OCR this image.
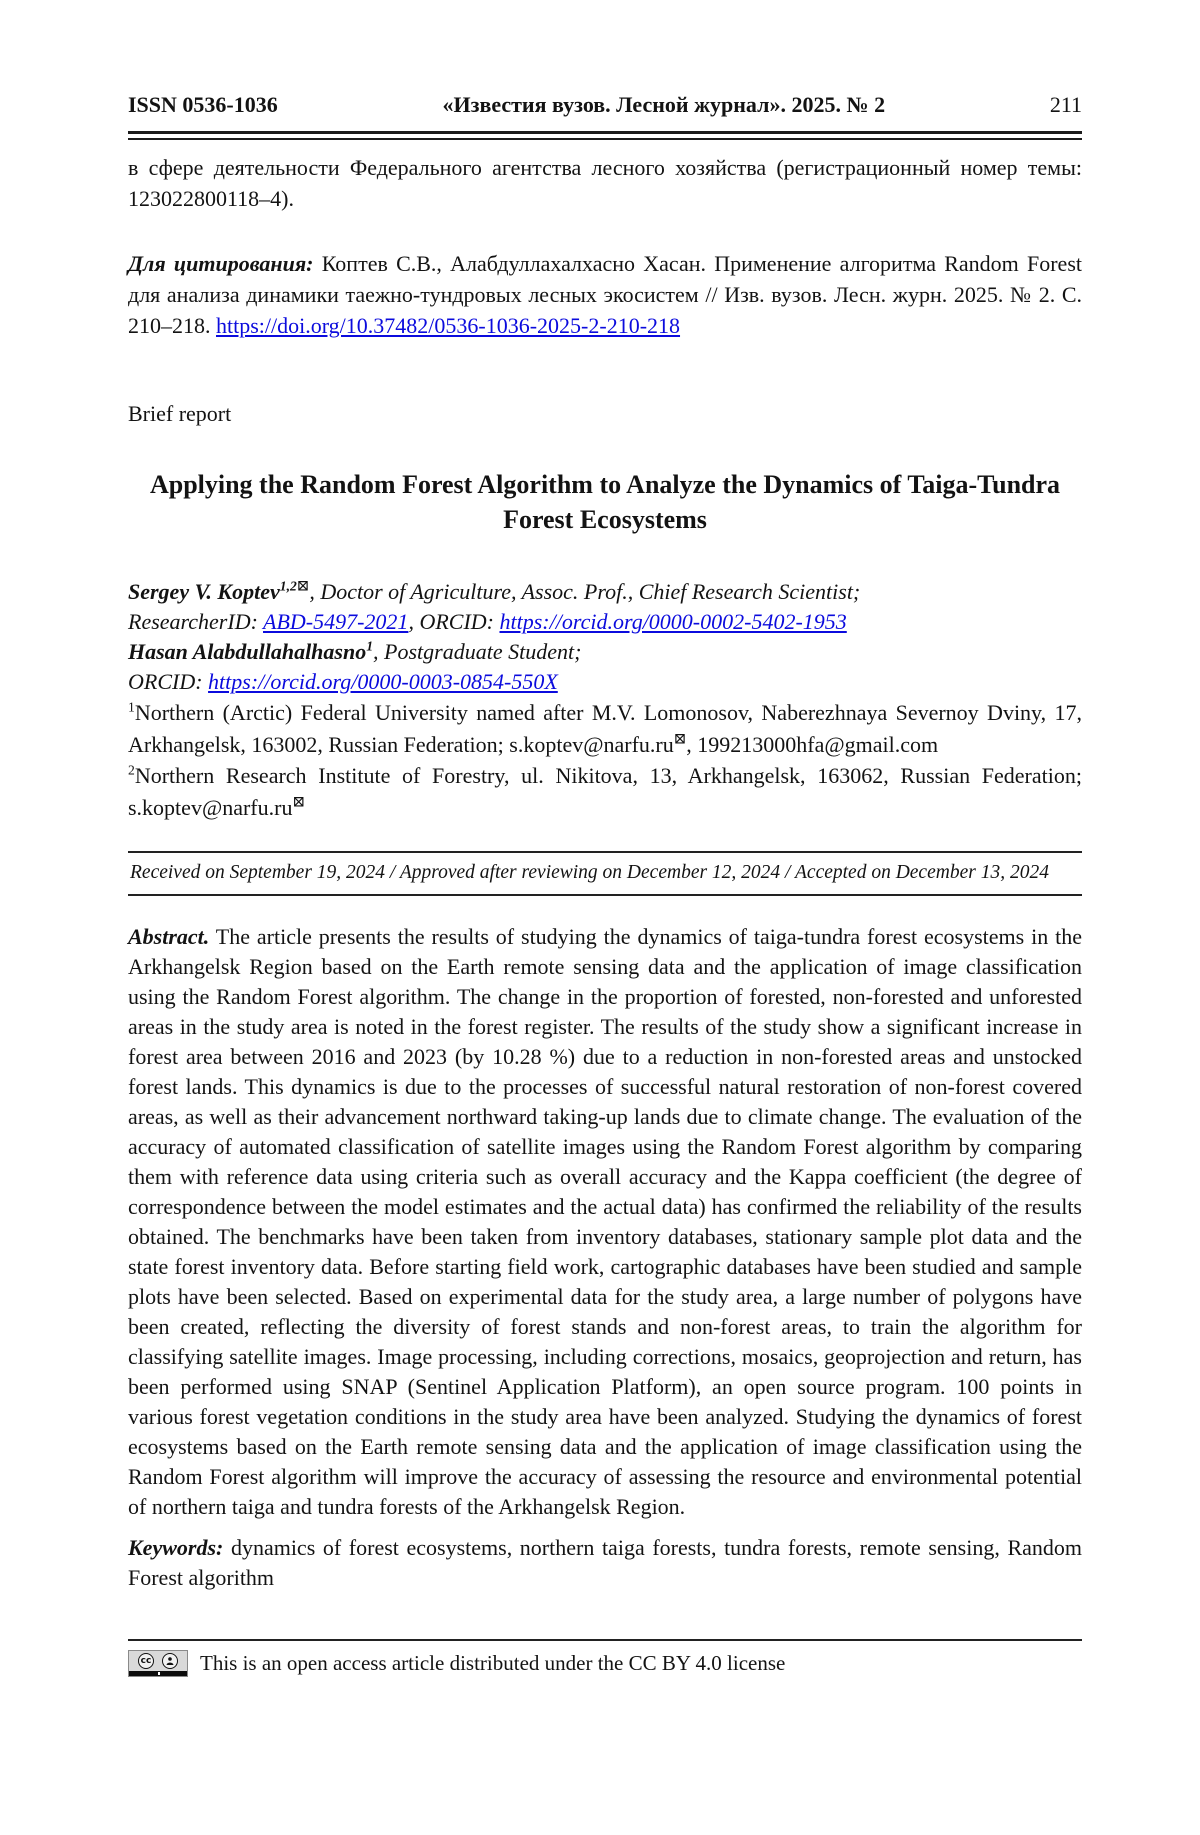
ISSN 0536-1036	«Известия вузов. Лесной журнал». 2025. № 2	211
в сфере деятельности Федерального агентства лесного хозяйства (регистрационный номер темы: 123022800118–4).
Для цитирования: Коптев С.В., Алабдуллахалхасно Хасан. Применение алгоритма Random Forest для анализа динамики таежно-тундровых лесных экосистем // Изв. вузов. Лесн. журн. 2025. № 2. С. 210–218. https://doi.org/10.37482/0536-1036-2025-2-210-218
Brief report
Applying the Random Forest Algorithm to Analyze the Dynamics of Taiga-Tundra Forest Ecosystems
Sergey V. Koptev$^{1,2⊠}$, Doctor of Agriculture, Assoc. Prof., Chief Research Scientist;
ResearcherID: ABD-5497-2021, ORCID: https://orcid.org/0000-0002-5402-1953
Hasan Alabdullahalhasno$^1$, Postgraduate Student;
ORCID: https://orcid.org/0000-0003-0854-550X
$^1$Northern (Arctic) Federal University named after M.V. Lomonosov, Naberezhnaya Severnoy Dviny, 17, Arkhangelsk, 163002, Russian Federation; s.koptev@narfu.ru⊠, 199213000hfa@gmail.com
$^2$Northern Research Institute of Forestry, ul. Nikitova, 13, Arkhangelsk, 163062, Russian Federation; s.koptev@narfu.ru⊠
Received on September 19, 2024 / Approved after reviewing on December 12, 2024 / Accepted on December 13, 2024
Abstract. The article presents the results of studying the dynamics of taiga-tundra forest ecosystems in the Arkhangelsk Region based on the Earth remote sensing data and the application of image classification using the Random Forest algorithm. The change in the proportion of forested, non-forested and unforested areas in the study area is noted in the forest register. The results of the study show a significant increase in forest area between 2016 and 2023 (by 10.28 %) due to a reduction in non-forested areas and unstocked forest lands. This dynamics is due to the processes of successful natural restoration of non-forest covered areas, as well as their advancement northward taking-up lands due to climate change. The evaluation of the accuracy of automated classification of satellite images using the Random Forest algorithm by comparing them with reference data using criteria such as overall accuracy and the Kappa coefficient (the degree of correspondence between the model estimates and the actual data) has confirmed the reliability of the results obtained. The benchmarks have been taken from inventory databases, stationary sample plot data and the state forest inventory data. Before starting field work, cartographic databases have been studied and sample plots have been selected. Based on experimental data for the study area, a large number of polygons have been created, reflecting the diversity of forest stands and non-forest areas, to train the algorithm for classifying satellite images. Image processing, including corrections, mosaics, geoprojection and return, has been performed using SNAP (Sentinel Application Platform), an open source program. 100 points in various forest vegetation conditions in the study area have been analyzed. Studying the dynamics of forest ecosystems based on the Earth remote sensing data and the application of image classification using the Random Forest algorithm will improve the accuracy of assessing the resource and environmental potential of northern taiga and tundra forests of the Arkhangelsk Region.
Keywords: dynamics of forest ecosystems, northern taiga forests, tundra forests, remote sensing, Random Forest algorithm
cc This is an open access article distributed under the CC BY 4.0 license
